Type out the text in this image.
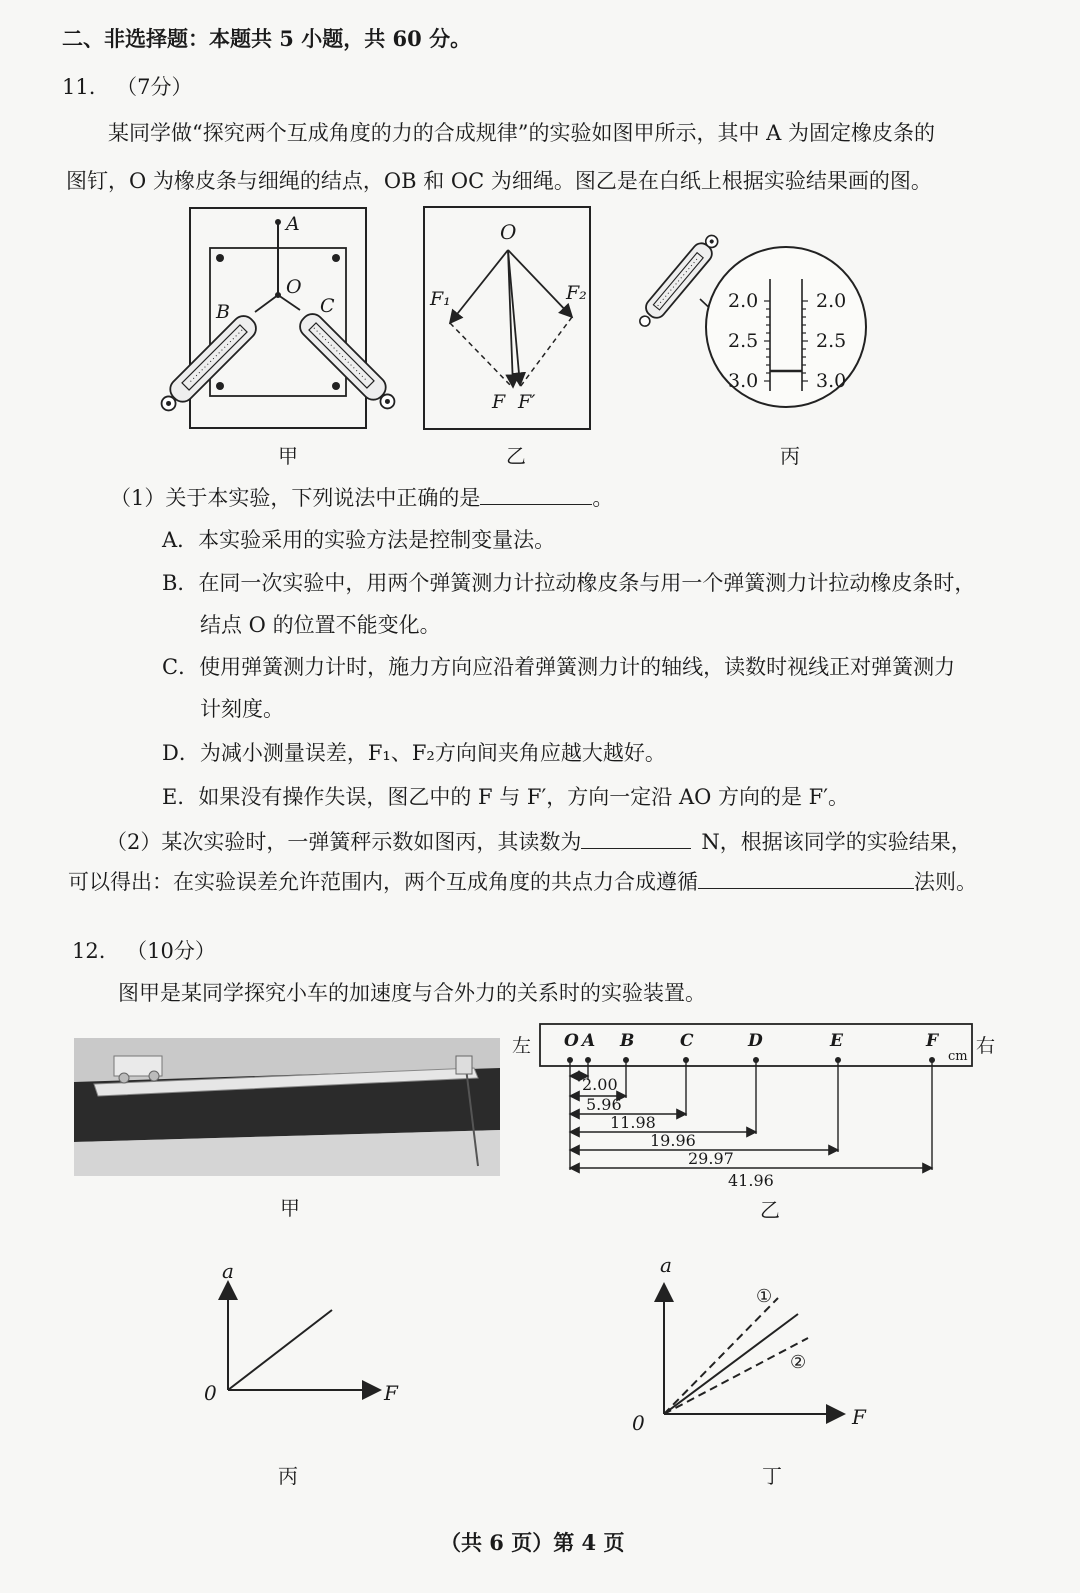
二、非选择题：本题共 5 小题，共 60 分。
11. （7分）
某同学做“探究两个互成角度的力的合成规律”的实验如图甲所示，其中 A 为固定橡皮条的
图钉，O 为橡皮条与细绳的结点，OB 和 OC 为细绳。图乙是在白纸上根据实验结果画的图。
A
O
B	C
甲
O
F₁	F₂
F F′
乙
2.0
2.5
3.0
2.0
2.5
3.0
丙
（1）关于本实验，下列说法中正确的是	。
A．本实验采用的实验方法是控制变量法。
B．在同一次实验中，用两个弹簧测力计拉动橡皮条与用一个弹簧测力计拉动橡皮条时，
结点 O 的位置不能变化。
C．使用弹簧测力计时，施力方向应沿着弹簧测力计的轴线，读数时视线正对弹簧测力
计刻度。
D．为减小测量误差，F₁、F₂方向间夹角应越大越好。
E．如果没有操作失误，图乙中的 F 与 F′，方向一定沿 AO 方向的是 F′。
（2）某次实验时，一弹簧秤示数如图丙，其读数为	N，根据该同学的实验结果，
可以得出：在实验误差允许范围内，两个互成角度的共点力合成遵循	法则。
12. （10分）
图甲是某同学探究小车的加速度与合外力的关系时的实验装置。
甲
左	右
cm
O A B	C	D	E	F
2.00
5.96
11.98
19.96
29.97
41.96
乙
a
F
0
丙
a
F
0
①
②
丁
（共 6 页）第 4 页
